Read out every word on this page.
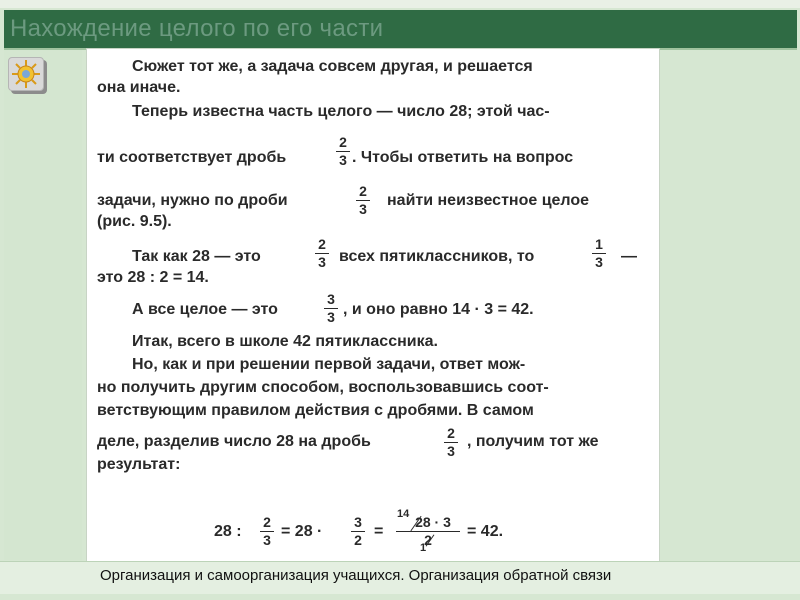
Нахождение целого по его части
Сюжет тот же, а задача совсем другая, и решается
она иначе.
Теперь известна часть целого — число 28; этой час-
ти соответствует дробь
2
3 . Чтобы ответить на вопрос
задачи, нужно по дроби
2
3 найти неизвестное целое
(рис. 9.5).
Так как 28 — это
2
3 всех пятиклассников, то
1
3 —
это 28 : 2 = 14.
А все целое — это
3
3 , и оно равно 14 · 3 = 42.
Итак, всего в школе 42 пятиклассника.
Но, как и при решении первой задачи, ответ мож-
но получить другим способом, воспользовавшись соот-
ветствующим правилом действия с дробями. В самом
деле, разделив число 28 на дробь	2
3
, получим тот же
результат:
28 :
2
3 = 28 ·
3
2 =
14 28 · 3
2
1
= 42.
Организация и самоорганизация учащихся. Организация обратной связи
